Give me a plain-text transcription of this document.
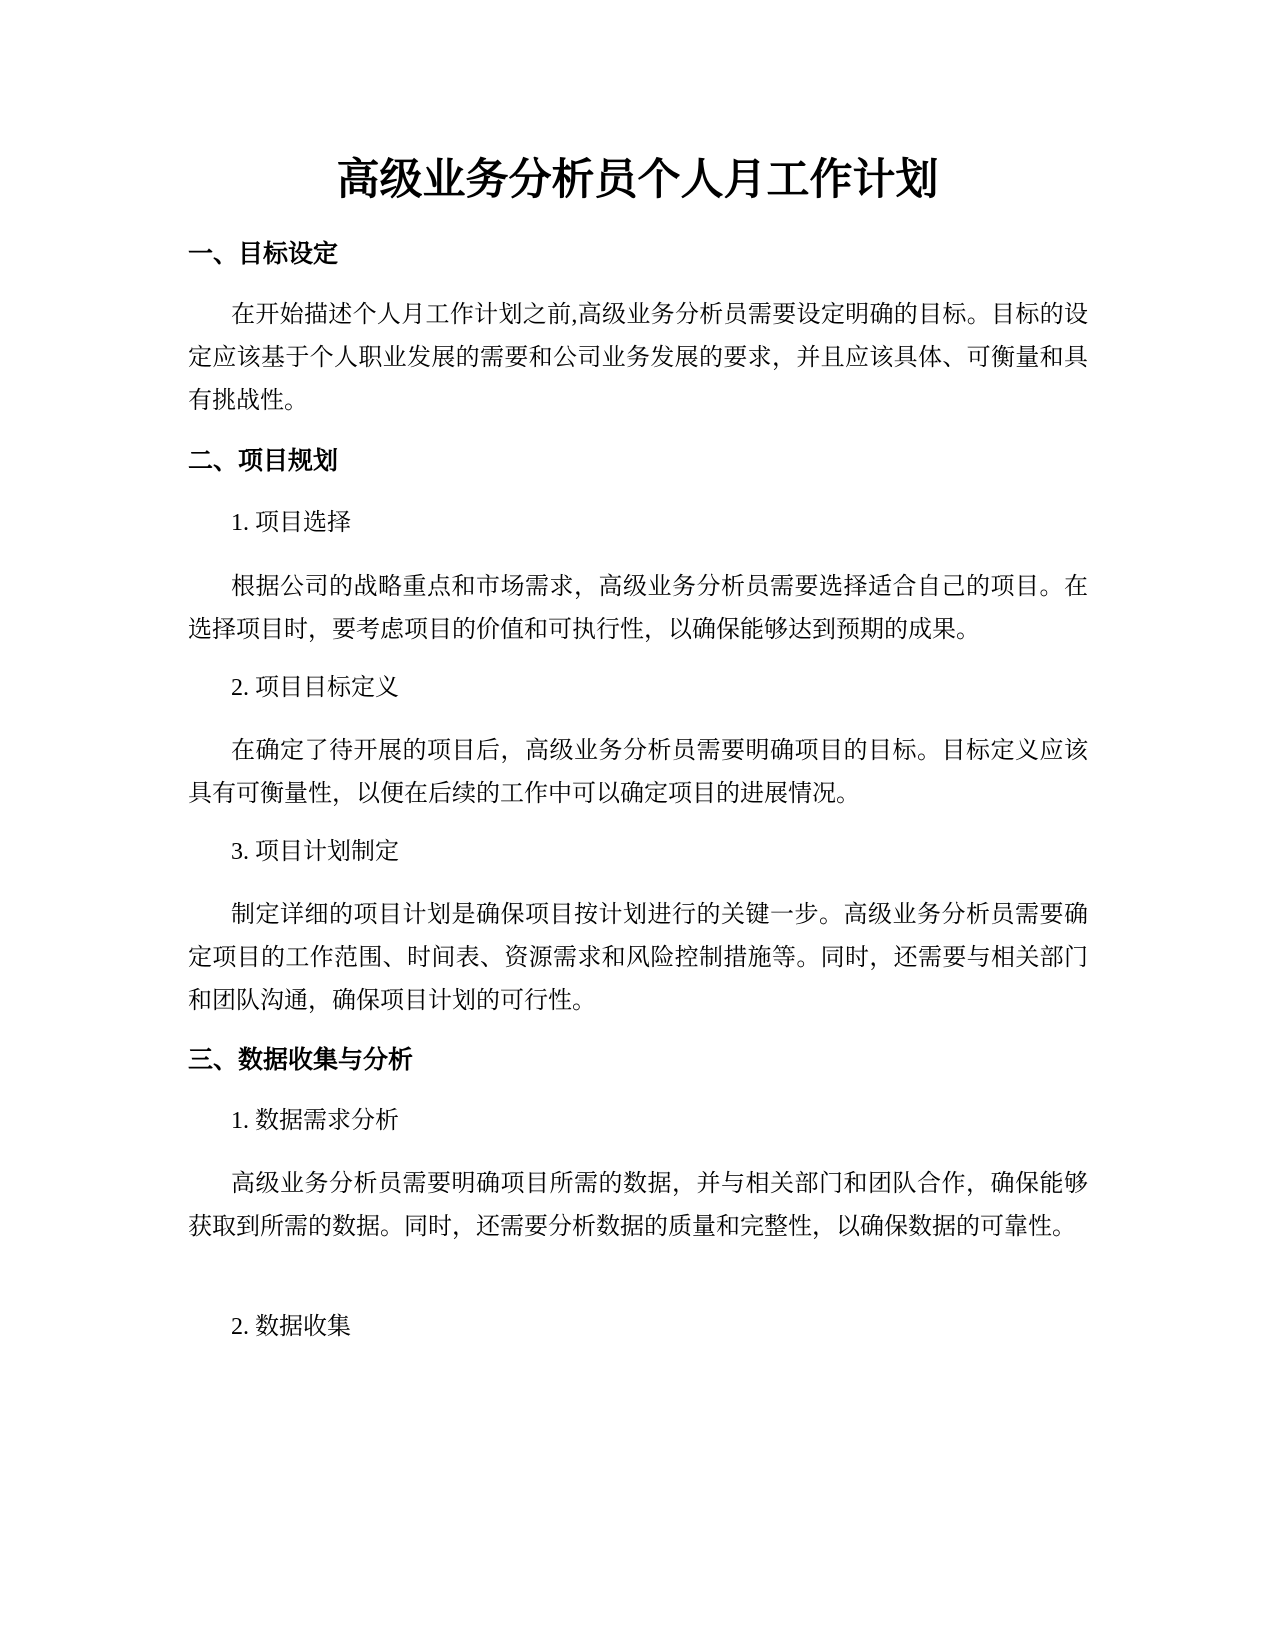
高级业务分析员个人月工作计划
一、目标设定

在开始描述个人月工作计划之前,高级业务分析员需要设定明确的目标。目标的设定应该基于个人职业发展的需要和公司业务发展的要求，并且应该具体、可衡量和具有挑战性。

二、项目规划
1. 项目选择

根据公司的战略重点和市场需求，高级业务分析员需要选择适合自己的项目。在选择项目时，要考虑项目的价值和可执行性，以确保能够达到预期的成果。

2. 项目目标定义

在确定了待开展的项目后，高级业务分析员需要明确项目的目标。目标定义应该具有可衡量性，以便在后续的工作中可以确定项目的进展情况。

3. 项目计划制定

制定详细的项目计划是确保项目按计划进行的关键一步。高级业务分析员需要确定项目的工作范围、时间表、资源需求和风险控制措施等。同时，还需要与相关部门和团队沟通，确保项目计划的可行性。

三、数据收集与分析
1. 数据需求分析

高级业务分析员需要明确项目所需的数据，并与相关部门和团队合作，确保能够获取到所需的数据。同时，还需要分析数据的质量和完整性，以确保数据的可靠性。

2. 数据收集
